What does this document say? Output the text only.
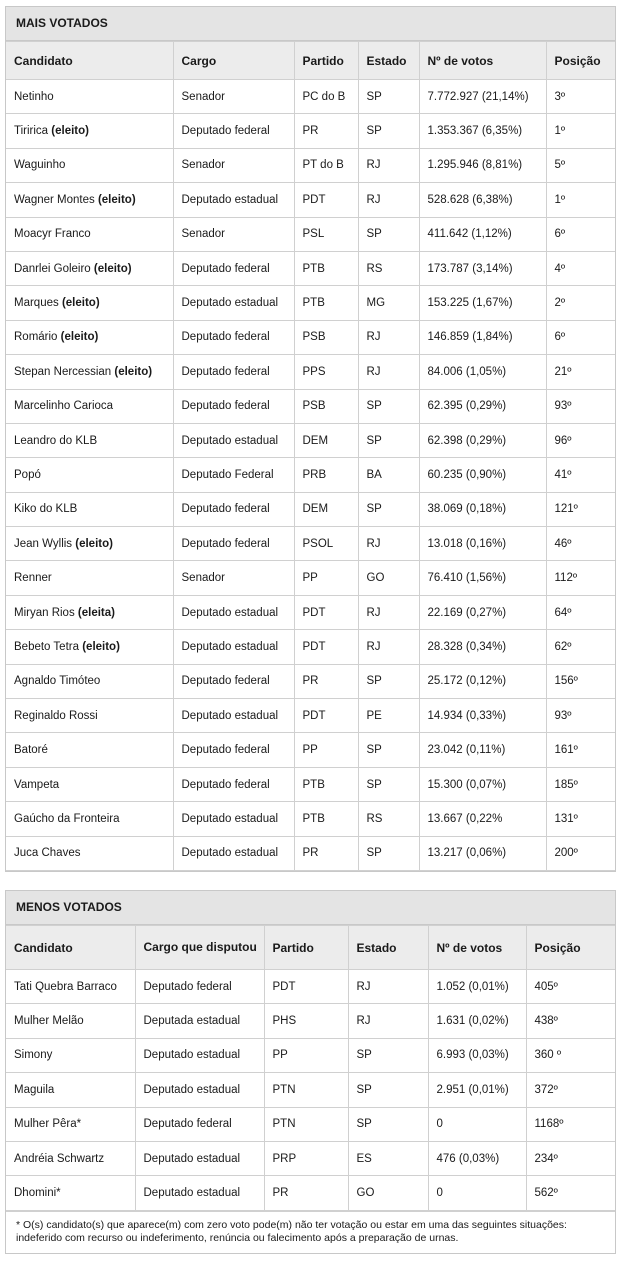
MAIS VOTADOS
Candidato	Cargo	Partido	Estado	Nº de votos	Posição
Netinho	Senador	PC do B	SP	7.772.927 (21,14%)	3º
Tiririca (eleito)	Deputado federal	PR	SP	1.353.367 (6,35%)	1º
Waguinho	Senador	PT do B	RJ	1.295.946 (8,81%)	5º
Wagner Montes (eleito)	Deputado estadual	PDT	RJ	528.628 (6,38%)	1º
Moacyr Franco	Senador	PSL	SP	411.642 (1,12%)	6º
Danrlei Goleiro (eleito)	Deputado federal	PTB	RS	173.787 (3,14%)	4º
Marques (eleito)	Deputado estadual	PTB	MG	153.225 (1,67%)	2º
Romário (eleito)	Deputado federal	PSB	RJ	146.859 (1,84%)	6º
Stepan Nercessian (eleito)	Deputado federal	PPS	RJ	84.006 (1,05%)	21º
Marcelinho Carioca	Deputado federal	PSB	SP	62.395 (0,29%)	93º
Leandro do KLB	Deputado estadual	DEM	SP	62.398 (0,29%)	96º
Popó	Deputado Federal	PRB	BA	60.235 (0,90%)	41º
Kiko do KLB	Deputado federal	DEM	SP	38.069 (0,18%)	121º
Jean Wyllis (eleito)	Deputado federal	PSOL	RJ	13.018 (0,16%)	46º
Renner	Senador	PP	GO	76.410 (1,56%)	112º
Miryan Rios (eleita)	Deputado estadual	PDT	RJ	22.169 (0,27%)	64º
Bebeto Tetra (eleito)	Deputado estadual	PDT	RJ	28.328 (0,34%)	62º
Agnaldo Timóteo	Deputado federal	PR	SP	25.172 (0,12%)	156º
Reginaldo Rossi	Deputado estadual	PDT	PE	14.934 (0,33%)	93º
Batoré	Deputado federal	PP	SP	23.042 (0,11%)	161º
Vampeta	Deputado federal	PTB	SP	15.300 (0,07%)	185º
Gaúcho da Fronteira	Deputado estadual	PTB	RS	13.667 (0,22%	131º
Juca Chaves	Deputado estadual	PR	SP	13.217 (0,06%)	200º
MENOS VOTADOS
Candidato	Cargo que disputou	Partido	Estado	Nº de votos	Posição
Tati Quebra Barraco	Deputado federal	PDT	RJ	1.052 (0,01%)	405º
Mulher Melão	Deputada estadual	PHS	RJ	1.631 (0,02%)	438º
Simony	Deputado estadual	PP	SP	6.993 (0,03%)	360 º
Maguila	Deputado estadual	PTN	SP	2.951 (0,01%)	372º
Mulher Pêra*	Deputado federal	PTN	SP	0	1168º
Andréia Schwartz	Deputado estadual	PRP	ES	476 (0,03%)	234º
Dhomini*	Deputado estadual	PR	GO	0	562º
* O(s) candidato(s) que aparece(m) com zero voto pode(m) não ter votação ou estar em uma das seguintes situações: indeferido com recurso ou indeferimento, renúncia ou falecimento após a preparação de urnas.
